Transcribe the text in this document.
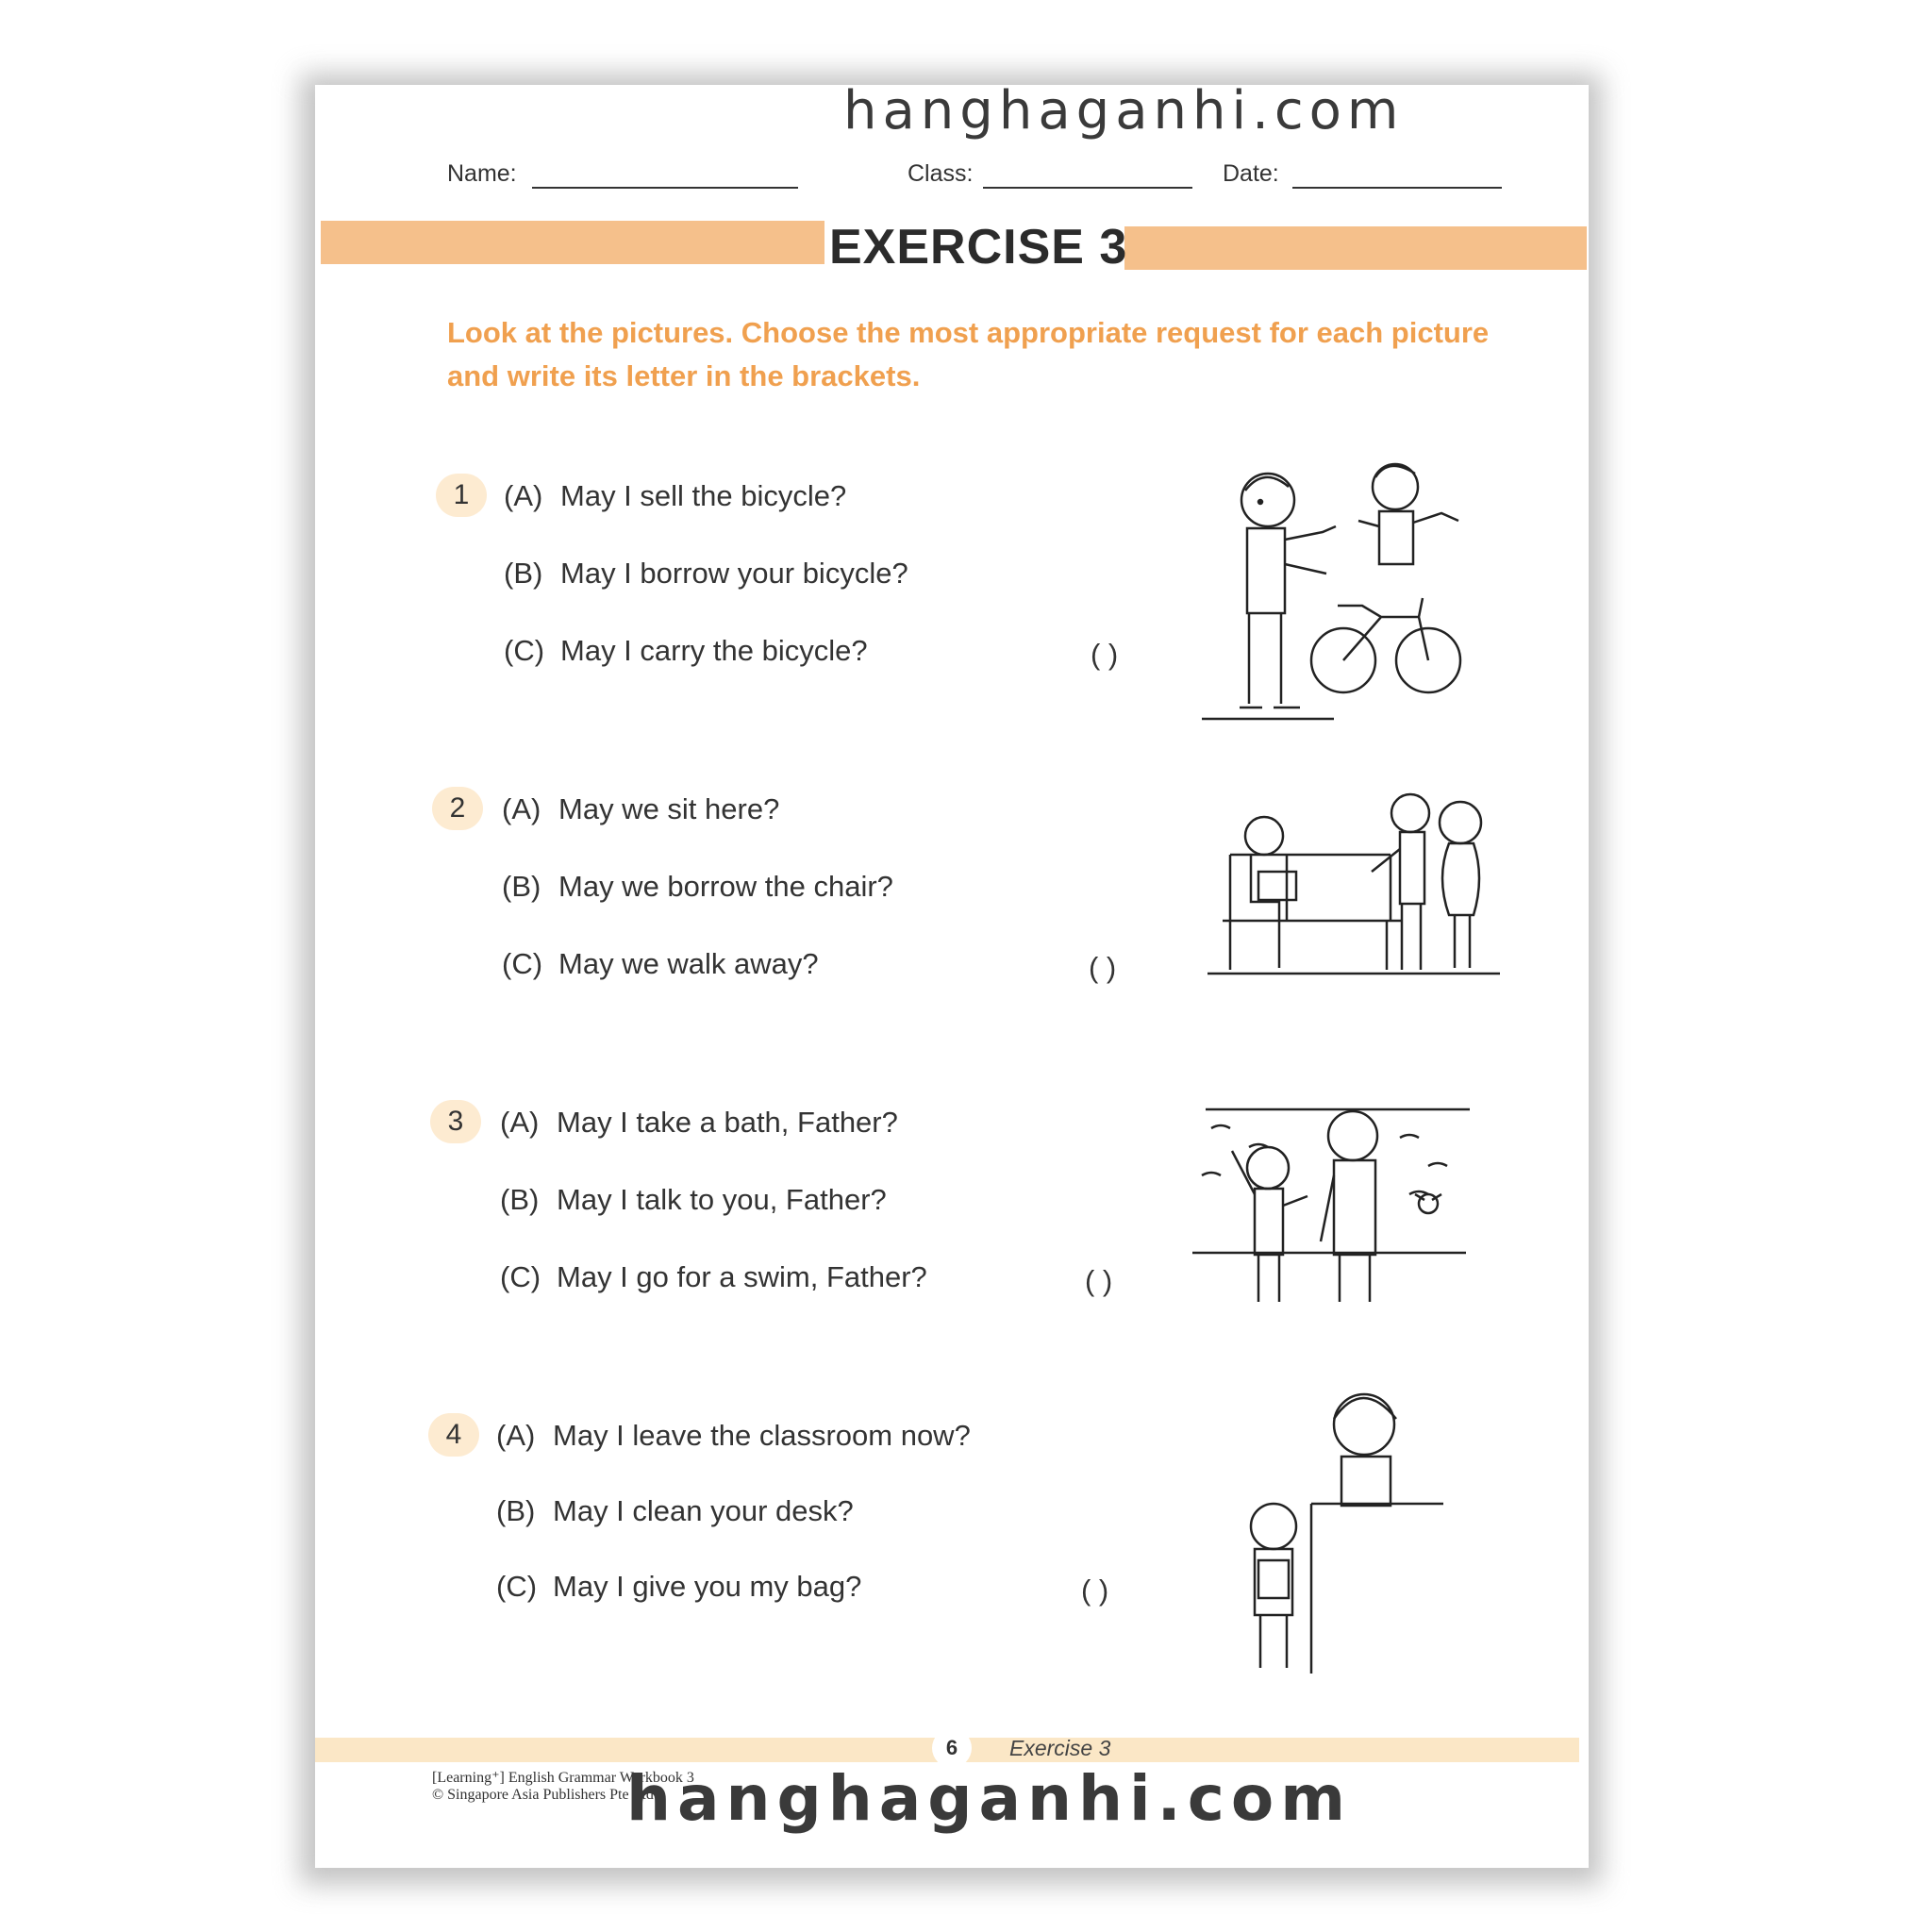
hanghaganhi.com
Name:	Class:	Date:
EXERCISE 3
Look at the pictures. Choose the most appropriate request for each picture and write its letter in the brackets.
1	(A) May I sell the bicycle?
(B) May I borrow your bicycle?
(C) May I carry the bicycle?	( )
2	(A) May we sit here?
(B) May we borrow the chair?
(C) May we walk away?	( )
3	(A) May I take a bath, Father?
(B) May I talk to you, Father?
(C) May I go for a swim, Father?	( )
4	(A) May I leave the classroom now?
(B) May I clean your desk?
(C) May I give you my bag?	( )
6	Exercise 3
[Learning⁺] English Grammar Workbook 3
© Singapore Asia Publishers Pte Ltd
hanghaganhi.com
